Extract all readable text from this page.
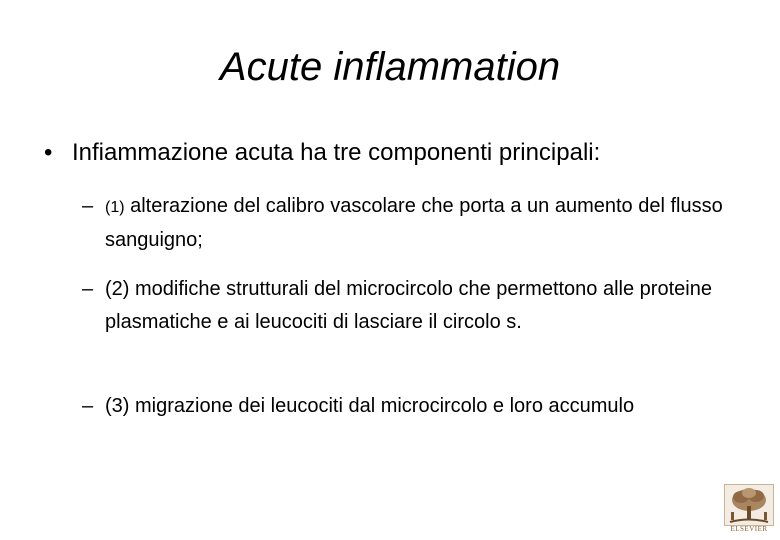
Acute inflammation
• Infiammazione acuta ha tre componenti principali:
– (1) alterazione del calibro vascolare che porta a un aumento del flusso sanguigno;
– (2) modifiche strutturali del microcircolo che permettono alle proteine plasmatiche e ai leucociti di lasciare il circolo s.
– (3) migrazione dei leucociti dal microcircolo e loro accumulo
ELSEVIER
